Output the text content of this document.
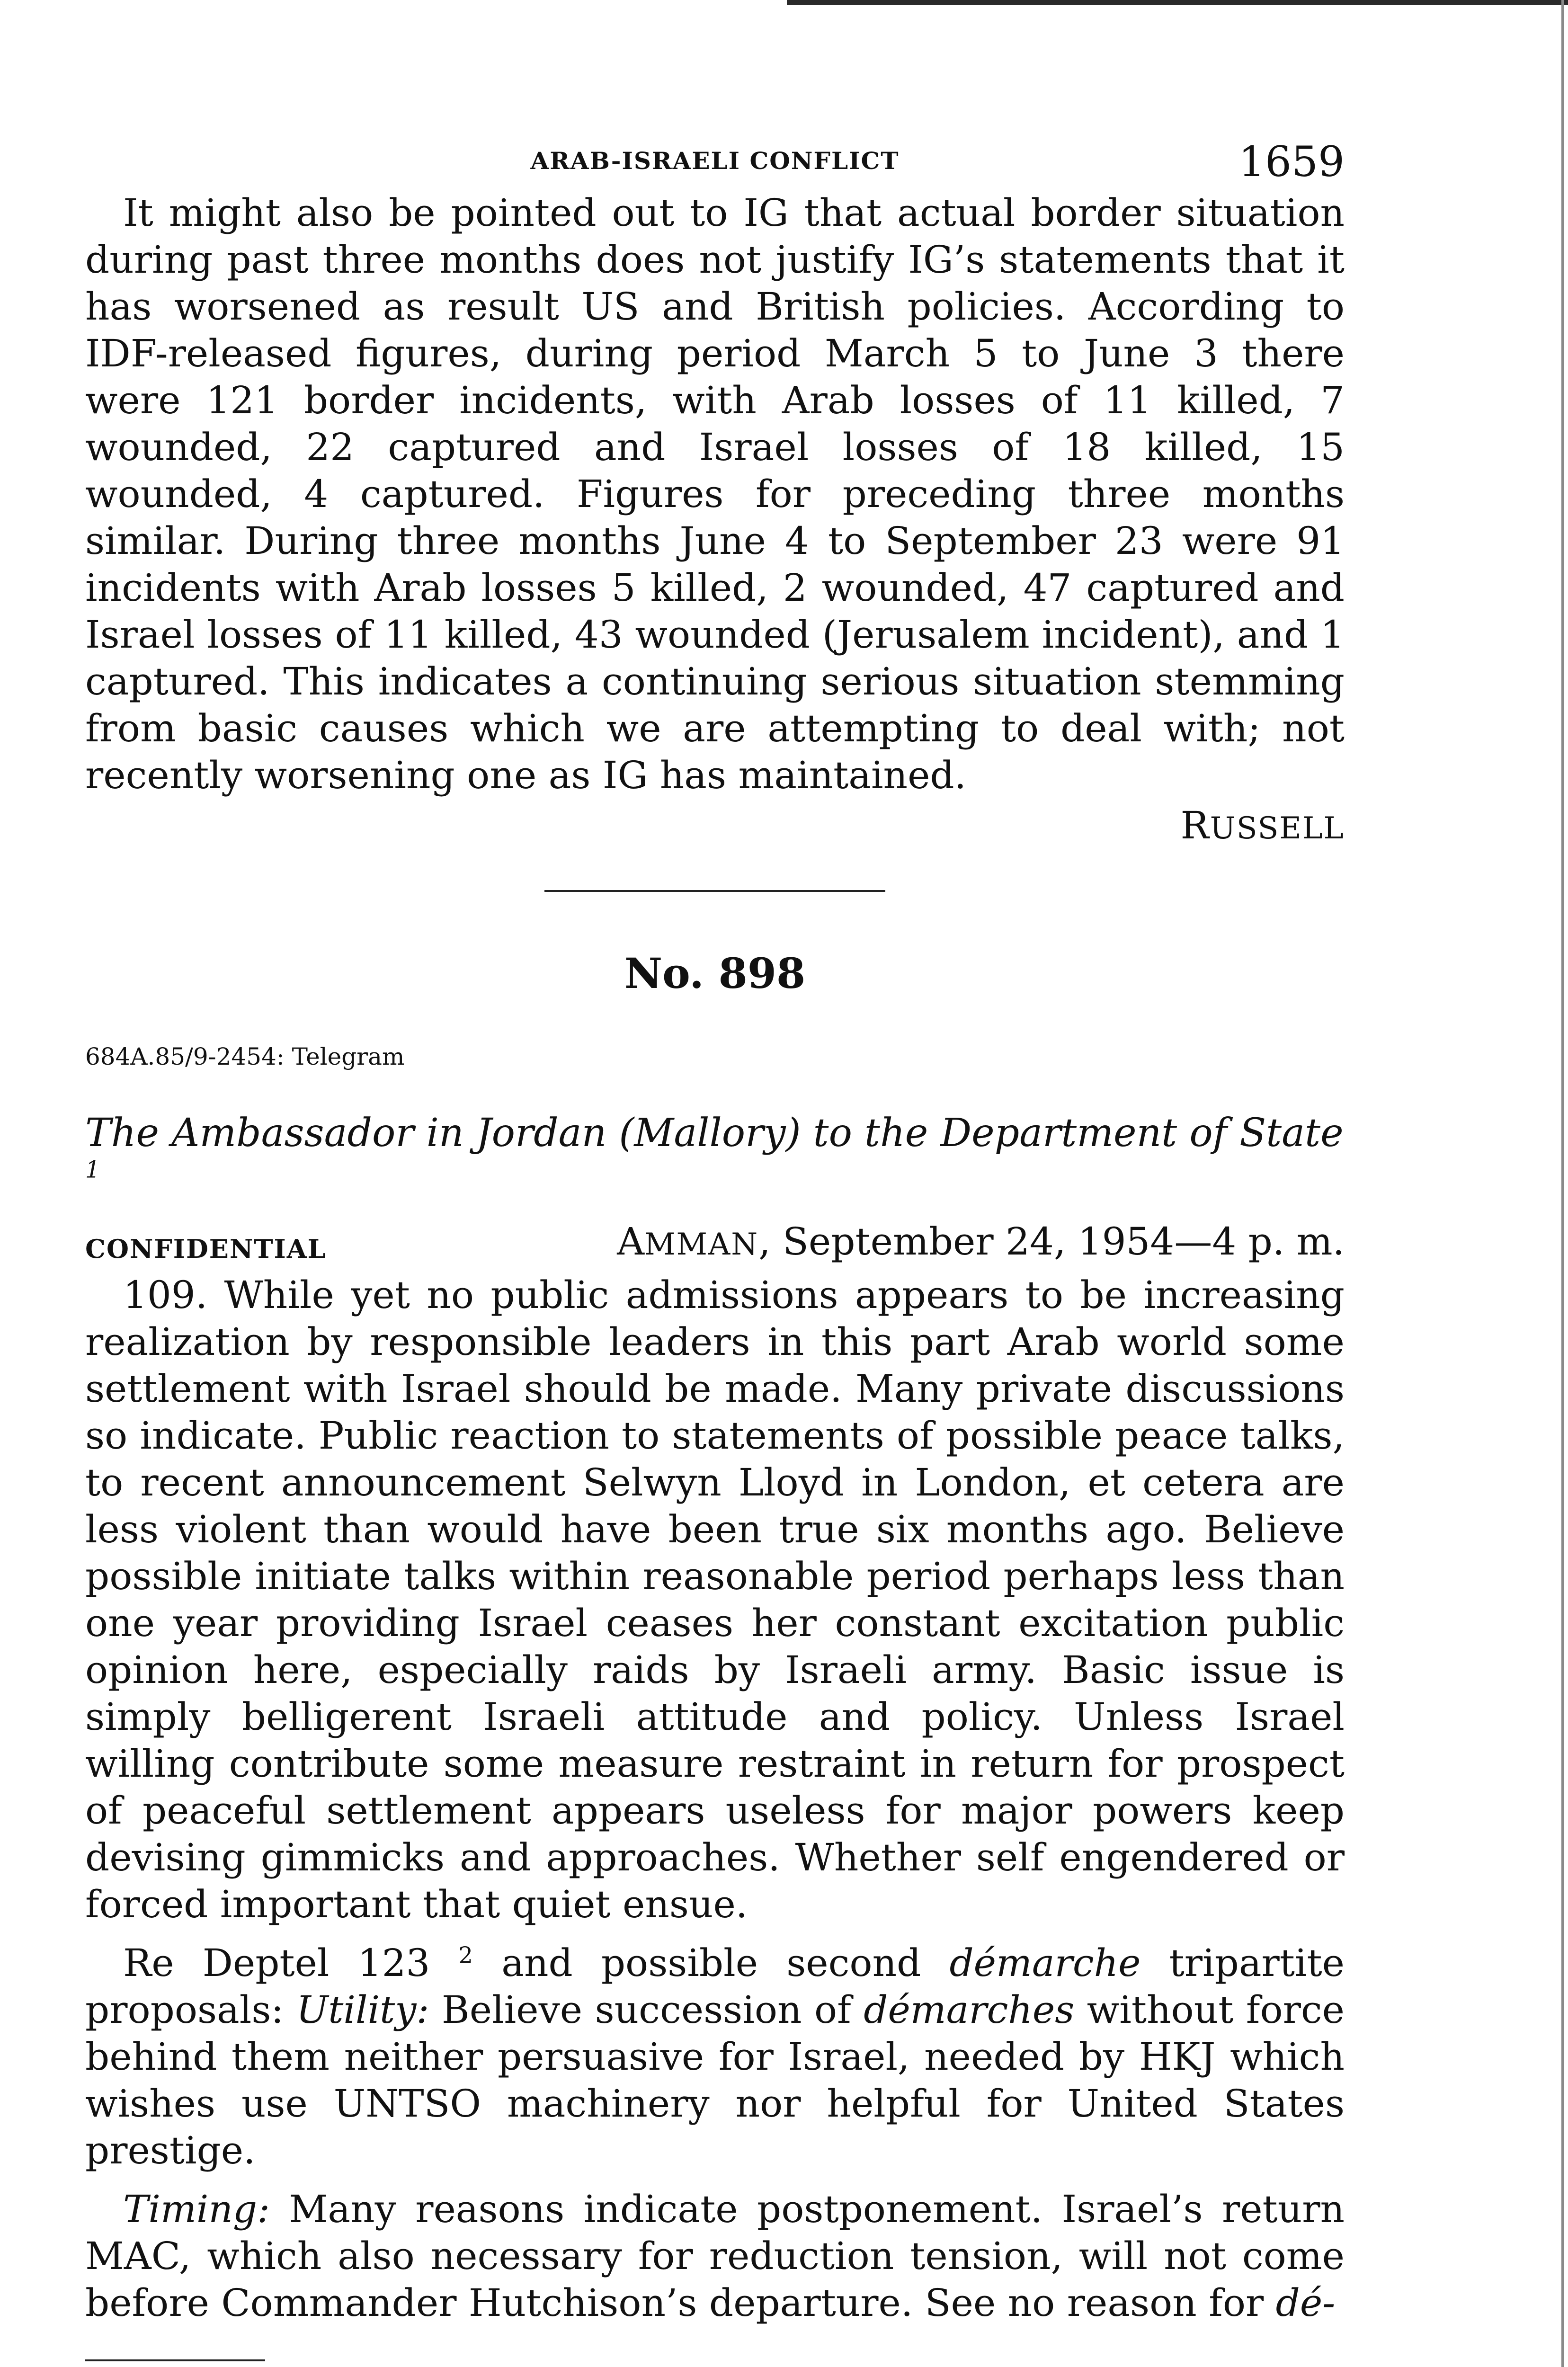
ARAB-ISRAELI CONFLICT	1659

It might also be pointed out to IG that actual border situation during past three months does not justify IG’s statements that it has worsened as result US and British policies. According to IDF-released figures, during period March 5 to June 3 there were 121 border incidents, with Arab losses of 11 killed, 7 wounded, 22 captured and Israel losses of 18 killed, 15 wounded, 4 captured. Figures for preceding three months similar. During three months June 4 to September 23 were 91 incidents with Arab losses 5 killed, 2 wounded, 47 captured and Israel losses of 11 killed, 43 wounded (Jerusalem incident), and 1 captured. This indicates a continuing serious situation stemming from basic causes which we are attempting to deal with; not recently worsening one as IG has maintained.

RUSSELL
No. 898
684A.85/9-2454: Telegram
The Ambassador in Jordan (Mallory) to the Department of State $^1$
CONFIDENTIAL	AMMAN, September 24, 1954—4 p. m.

109. While yet no public admissions appears to be increasing realization by responsible leaders in this part Arab world some settlement with Israel should be made. Many private discussions so indicate. Public reaction to statements of possible peace talks, to recent announcement Selwyn Lloyd in London, et cetera are less violent than would have been true six months ago. Believe possible initiate talks within reasonable period perhaps less than one year providing Israel ceases her constant excitation public opinion here, especially raids by Israeli army. Basic issue is simply belligerent Israeli attitude and policy. Unless Israel willing contribute some measure restraint in return for prospect of peaceful settlement appears useless for major powers keep devising gimmicks and approaches. Whether self engendered or forced important that quiet ensue.

Re Deptel 123 $^2$ and possible second démarche tripartite proposals: Utility: Believe succession of démarches without force behind them neither persuasive for Israel, needed by HKJ which wishes use UNTSO machinery nor helpful for United States prestige.

Timing: Many reasons indicate postponement. Israel’s return MAC, which also necessary for reduction tension, will not come before Commander Hutchison’s departure. See no reason for dé-
